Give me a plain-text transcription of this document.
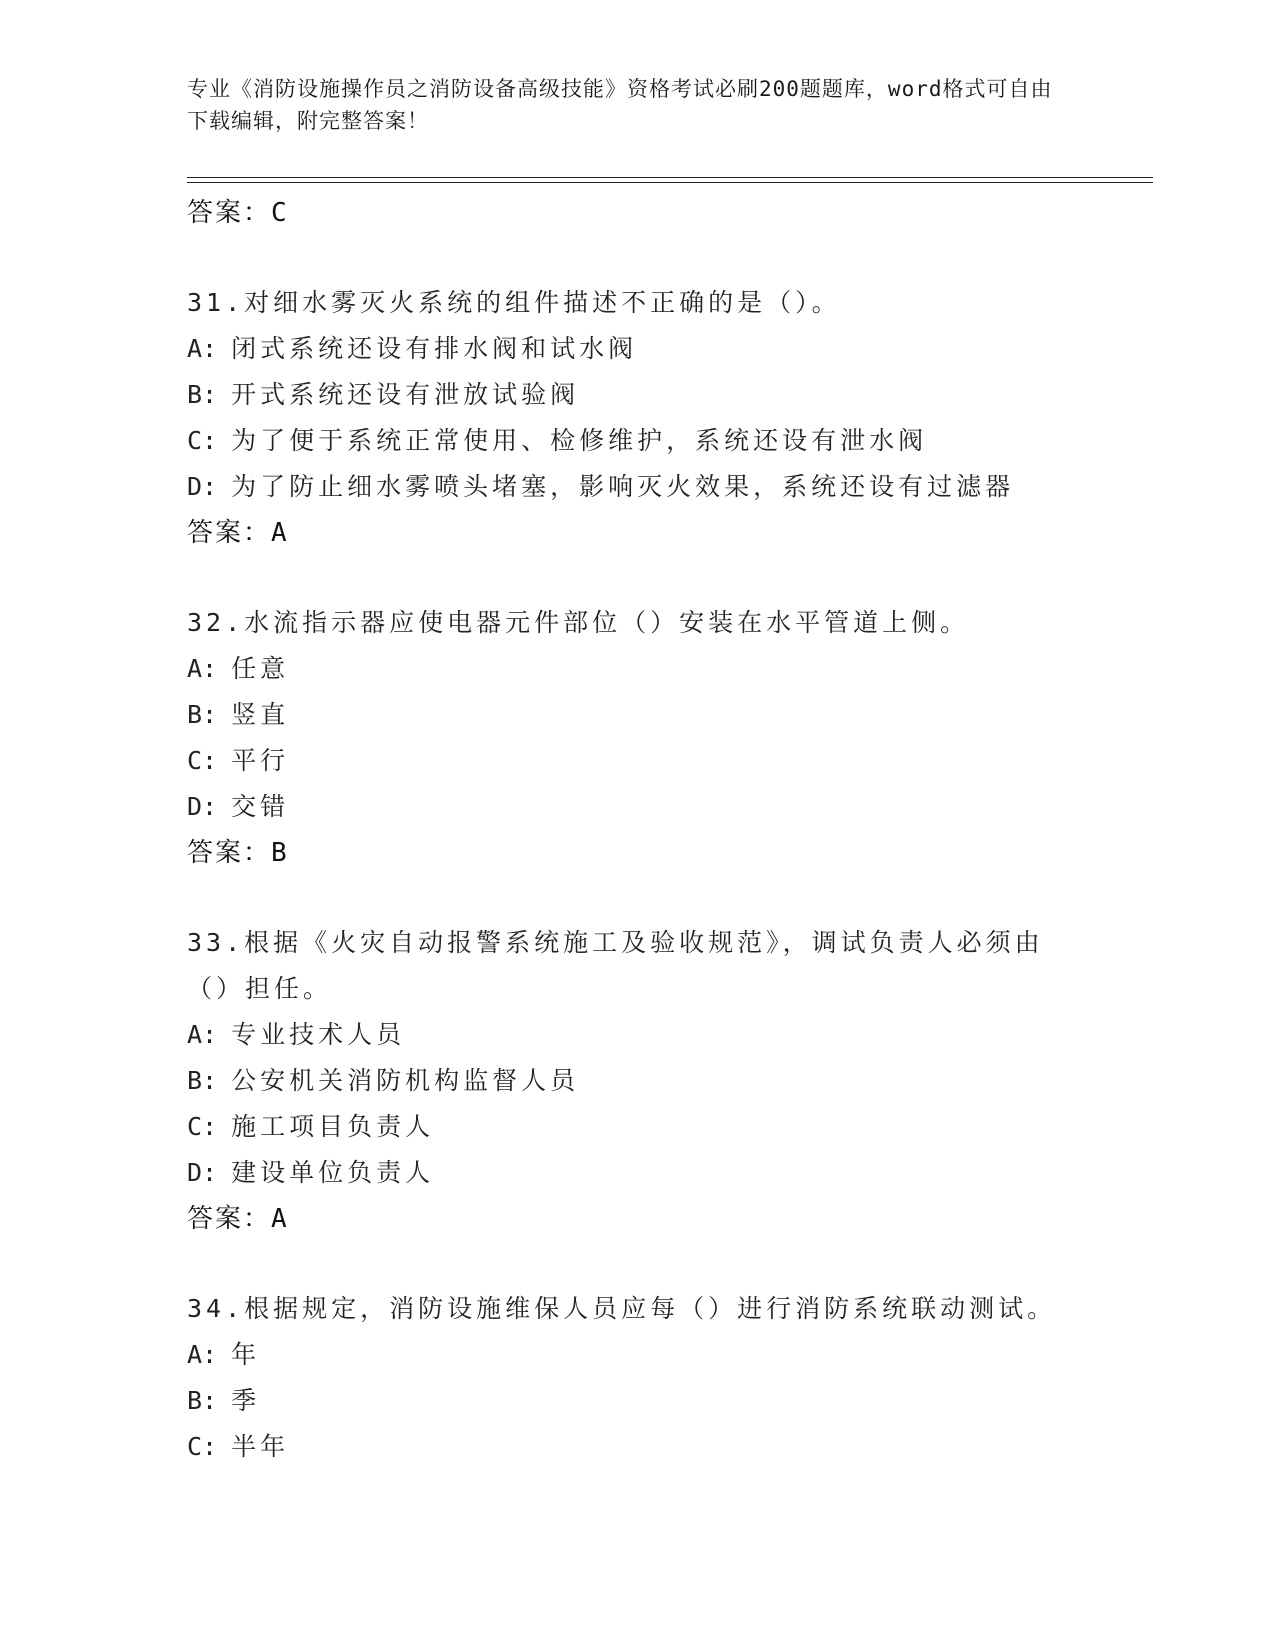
专业《消防设施操作员之消防设备高级技能》资格考试必刷200题题库，word格式可自由下载编辑，附完整答案！
答案：C
31.对细水雾灭火系统的组件描述不正确的是（）。
A: 闭式系统还设有排水阀和试水阀
B: 开式系统还设有泄放试验阀
C: 为了便于系统正常使用、检修维护，系统还设有泄水阀
D: 为了防止细水雾喷头堵塞，影响灭火效果，系统还设有过滤器
答案：A
32.水流指示器应使电器元件部位（）安装在水平管道上侧。
A: 任意
B: 竖直
C: 平行
D: 交错
答案：B
33.根据《火灾自动报警系统施工及验收规范》，调试负责人必须由（）担任。
A: 专业技术人员
B: 公安机关消防机构监督人员
C: 施工项目负责人
D: 建设单位负责人
答案：A
34.根据规定，消防设施维保人员应每（）进行消防系统联动测试。
A: 年
B: 季
C: 半年
